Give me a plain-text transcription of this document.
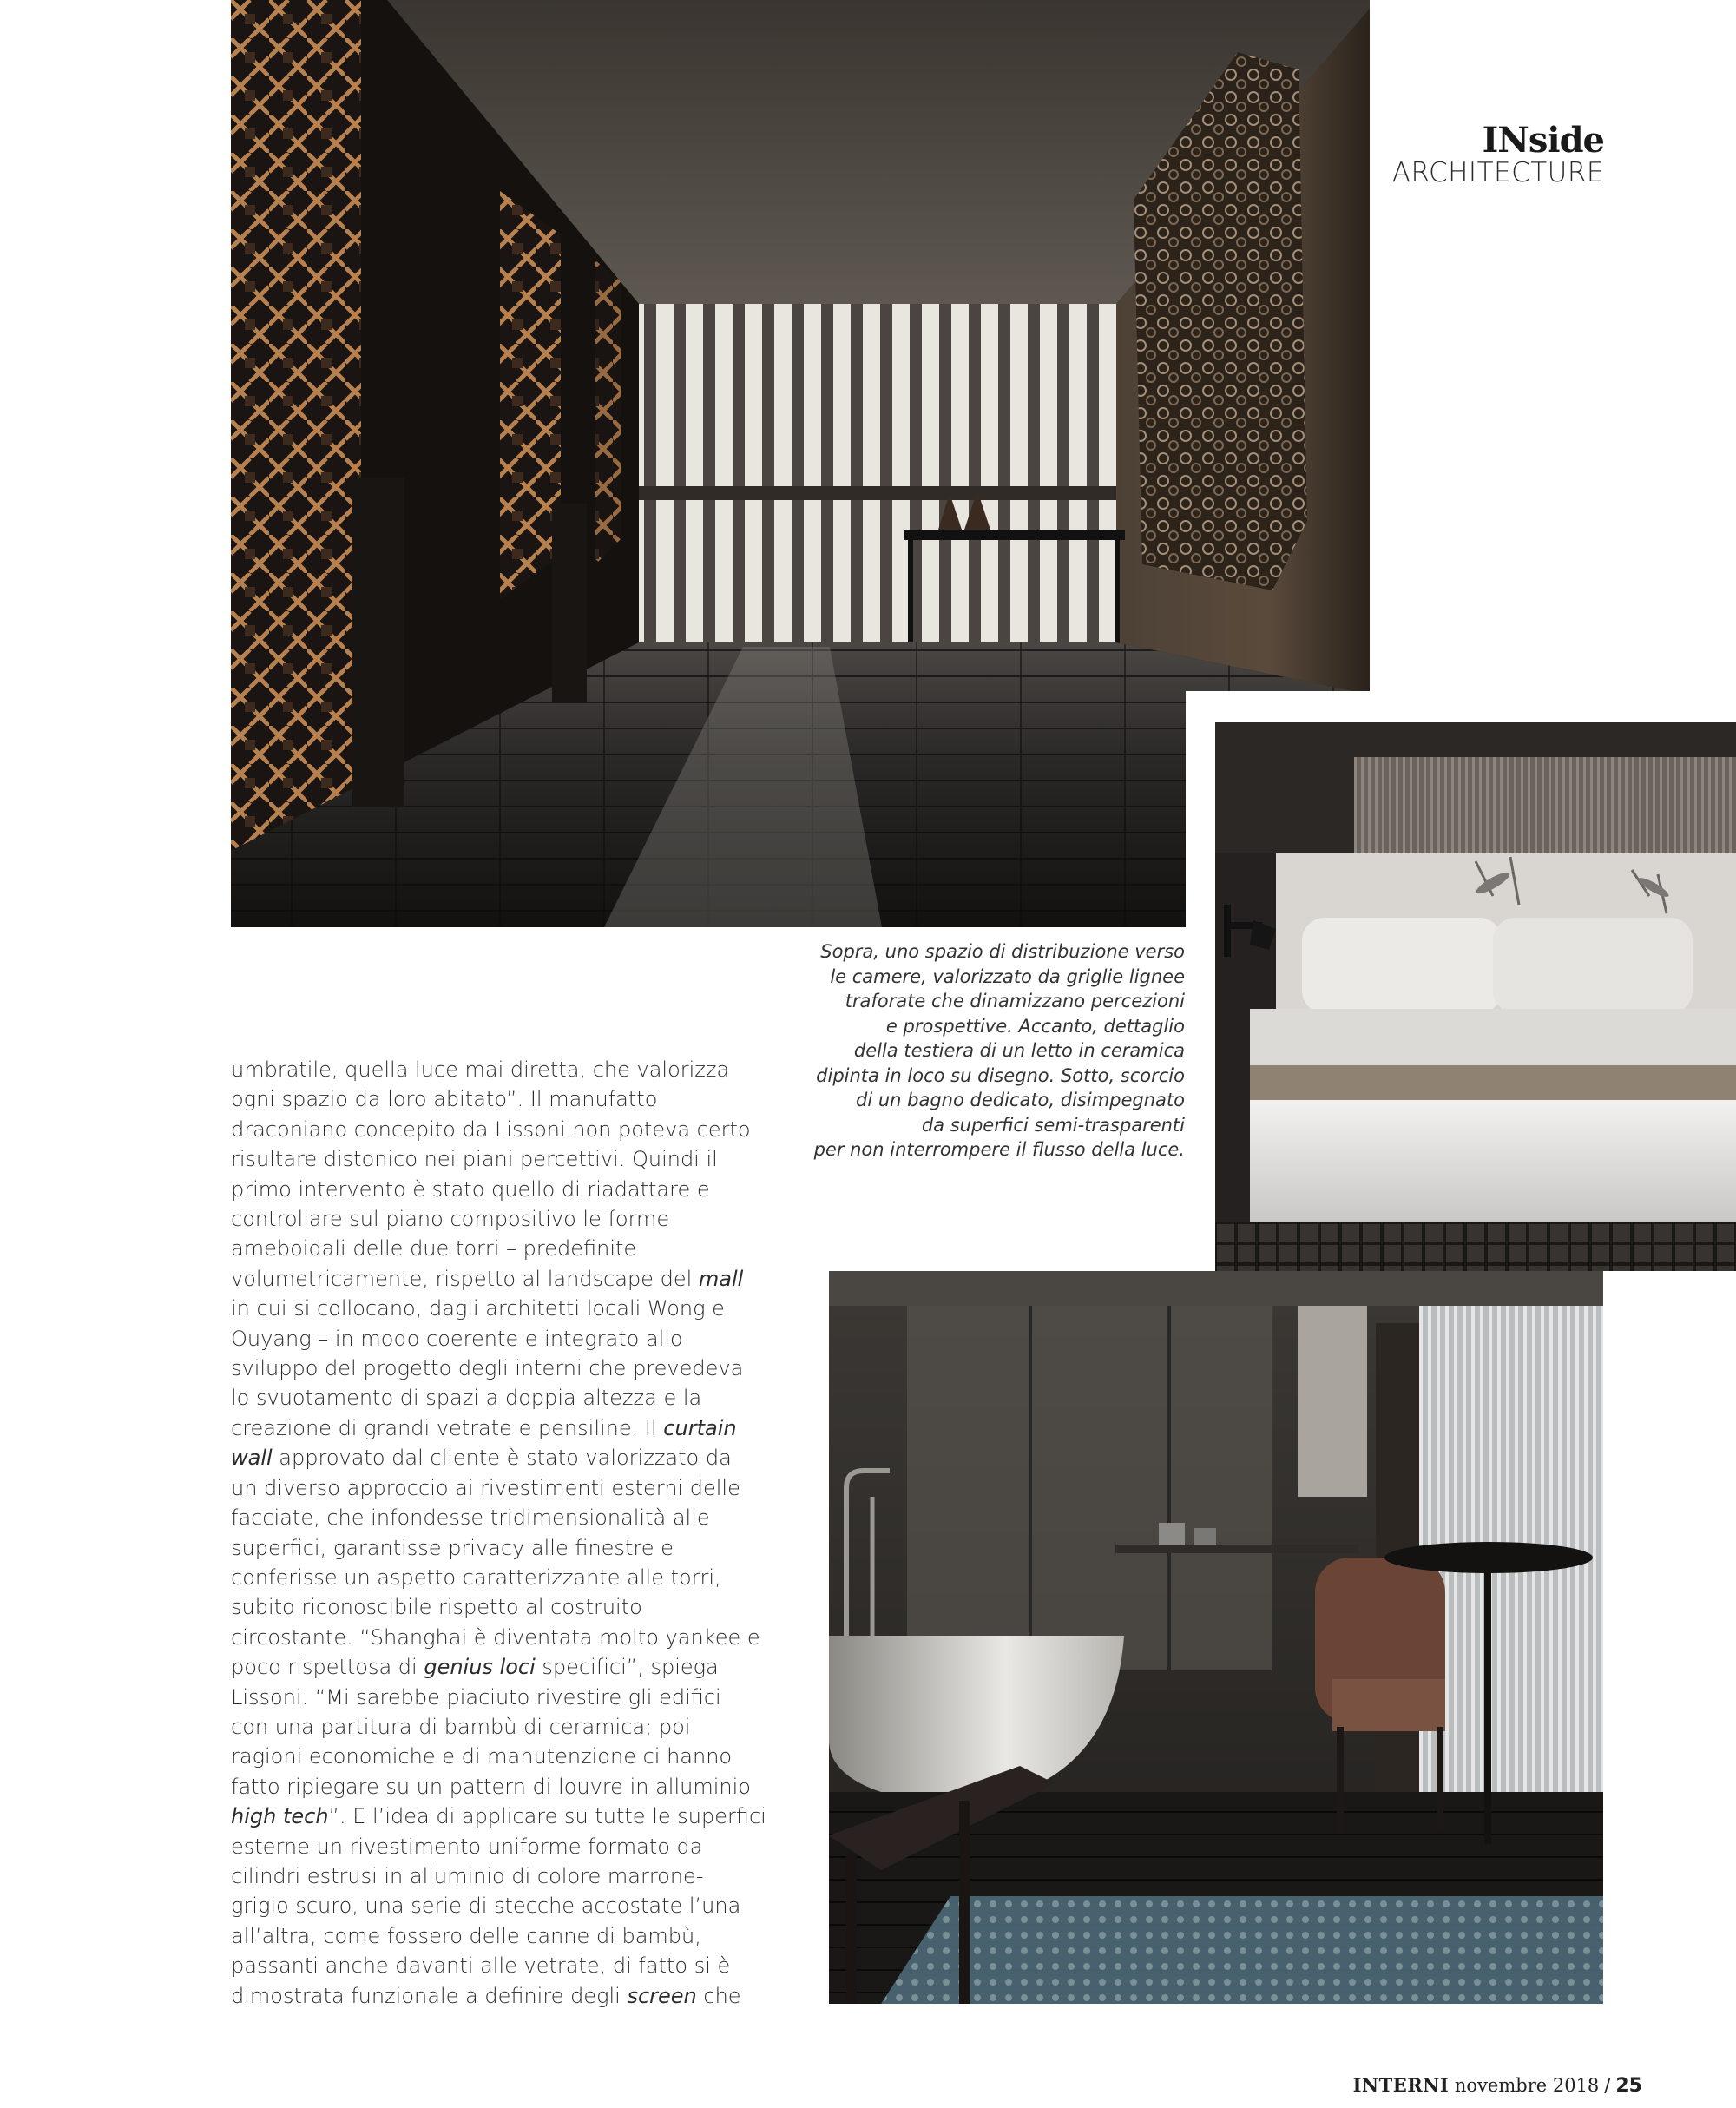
INside
ARCHITECTURE
Sopra, uno spazio di distribuzione verso
le camere, valorizzato da griglie lignee
traforate che dinamizzano percezioni
e prospettive. Accanto, dettaglio
della testiera di un letto in ceramica
dipinta in loco su disegno. Sotto, scorcio
di un bagno dedicato, disimpegnato
da superfici semi-trasparenti
per non interrompere il flusso della luce.
umbratile, quella luce mai diretta, che valorizza
ogni spazio da loro abitato”. Il manufatto
draconiano concepito da Lissoni non poteva certo
risultare distonico nei piani percettivi. Quindi il
primo intervento è stato quello di riadattare e
controllare sul piano compositivo le forme
ameboidali delle due torri – predefinite
volumetricamente, rispetto al landscape del mall
in cui si collocano, dagli architetti locali Wong e
Ouyang – in modo coerente e integrato allo
sviluppo del progetto degli interni che prevedeva
lo svuotamento di spazi a doppia altezza e la
creazione di grandi vetrate e pensiline. Il curtain
wall approvato dal cliente è stato valorizzato da
un diverso approccio ai rivestimenti esterni delle
facciate, che infondesse tridimensionalità alle
superfici, garantisse privacy alle finestre e
conferisse un aspetto caratterizzante alle torri,
subito riconoscibile rispetto al costruito
circostante. “Shanghai è diventata molto yankee e
poco rispettosa di genius loci specifici”, spiega
Lissoni. “Mi sarebbe piaciuto rivestire gli edifici
con una partitura di bambù di ceramica; poi
ragioni economiche e di manutenzione ci hanno
fatto ripiegare su un pattern di louvre in alluminio
high tech”. E l’idea di applicare su tutte le superfici
esterne un rivestimento uniforme formato da
cilindri estrusi in alluminio di colore marrone-
grigio scuro, una serie di stecche accostate l’una
all’altra, come fossero delle canne di bambù,
passanti anche davanti alle vetrate, di fatto si è
dimostrata funzionale a definire degli screen che
INTERNI novembre 2018 / 25
